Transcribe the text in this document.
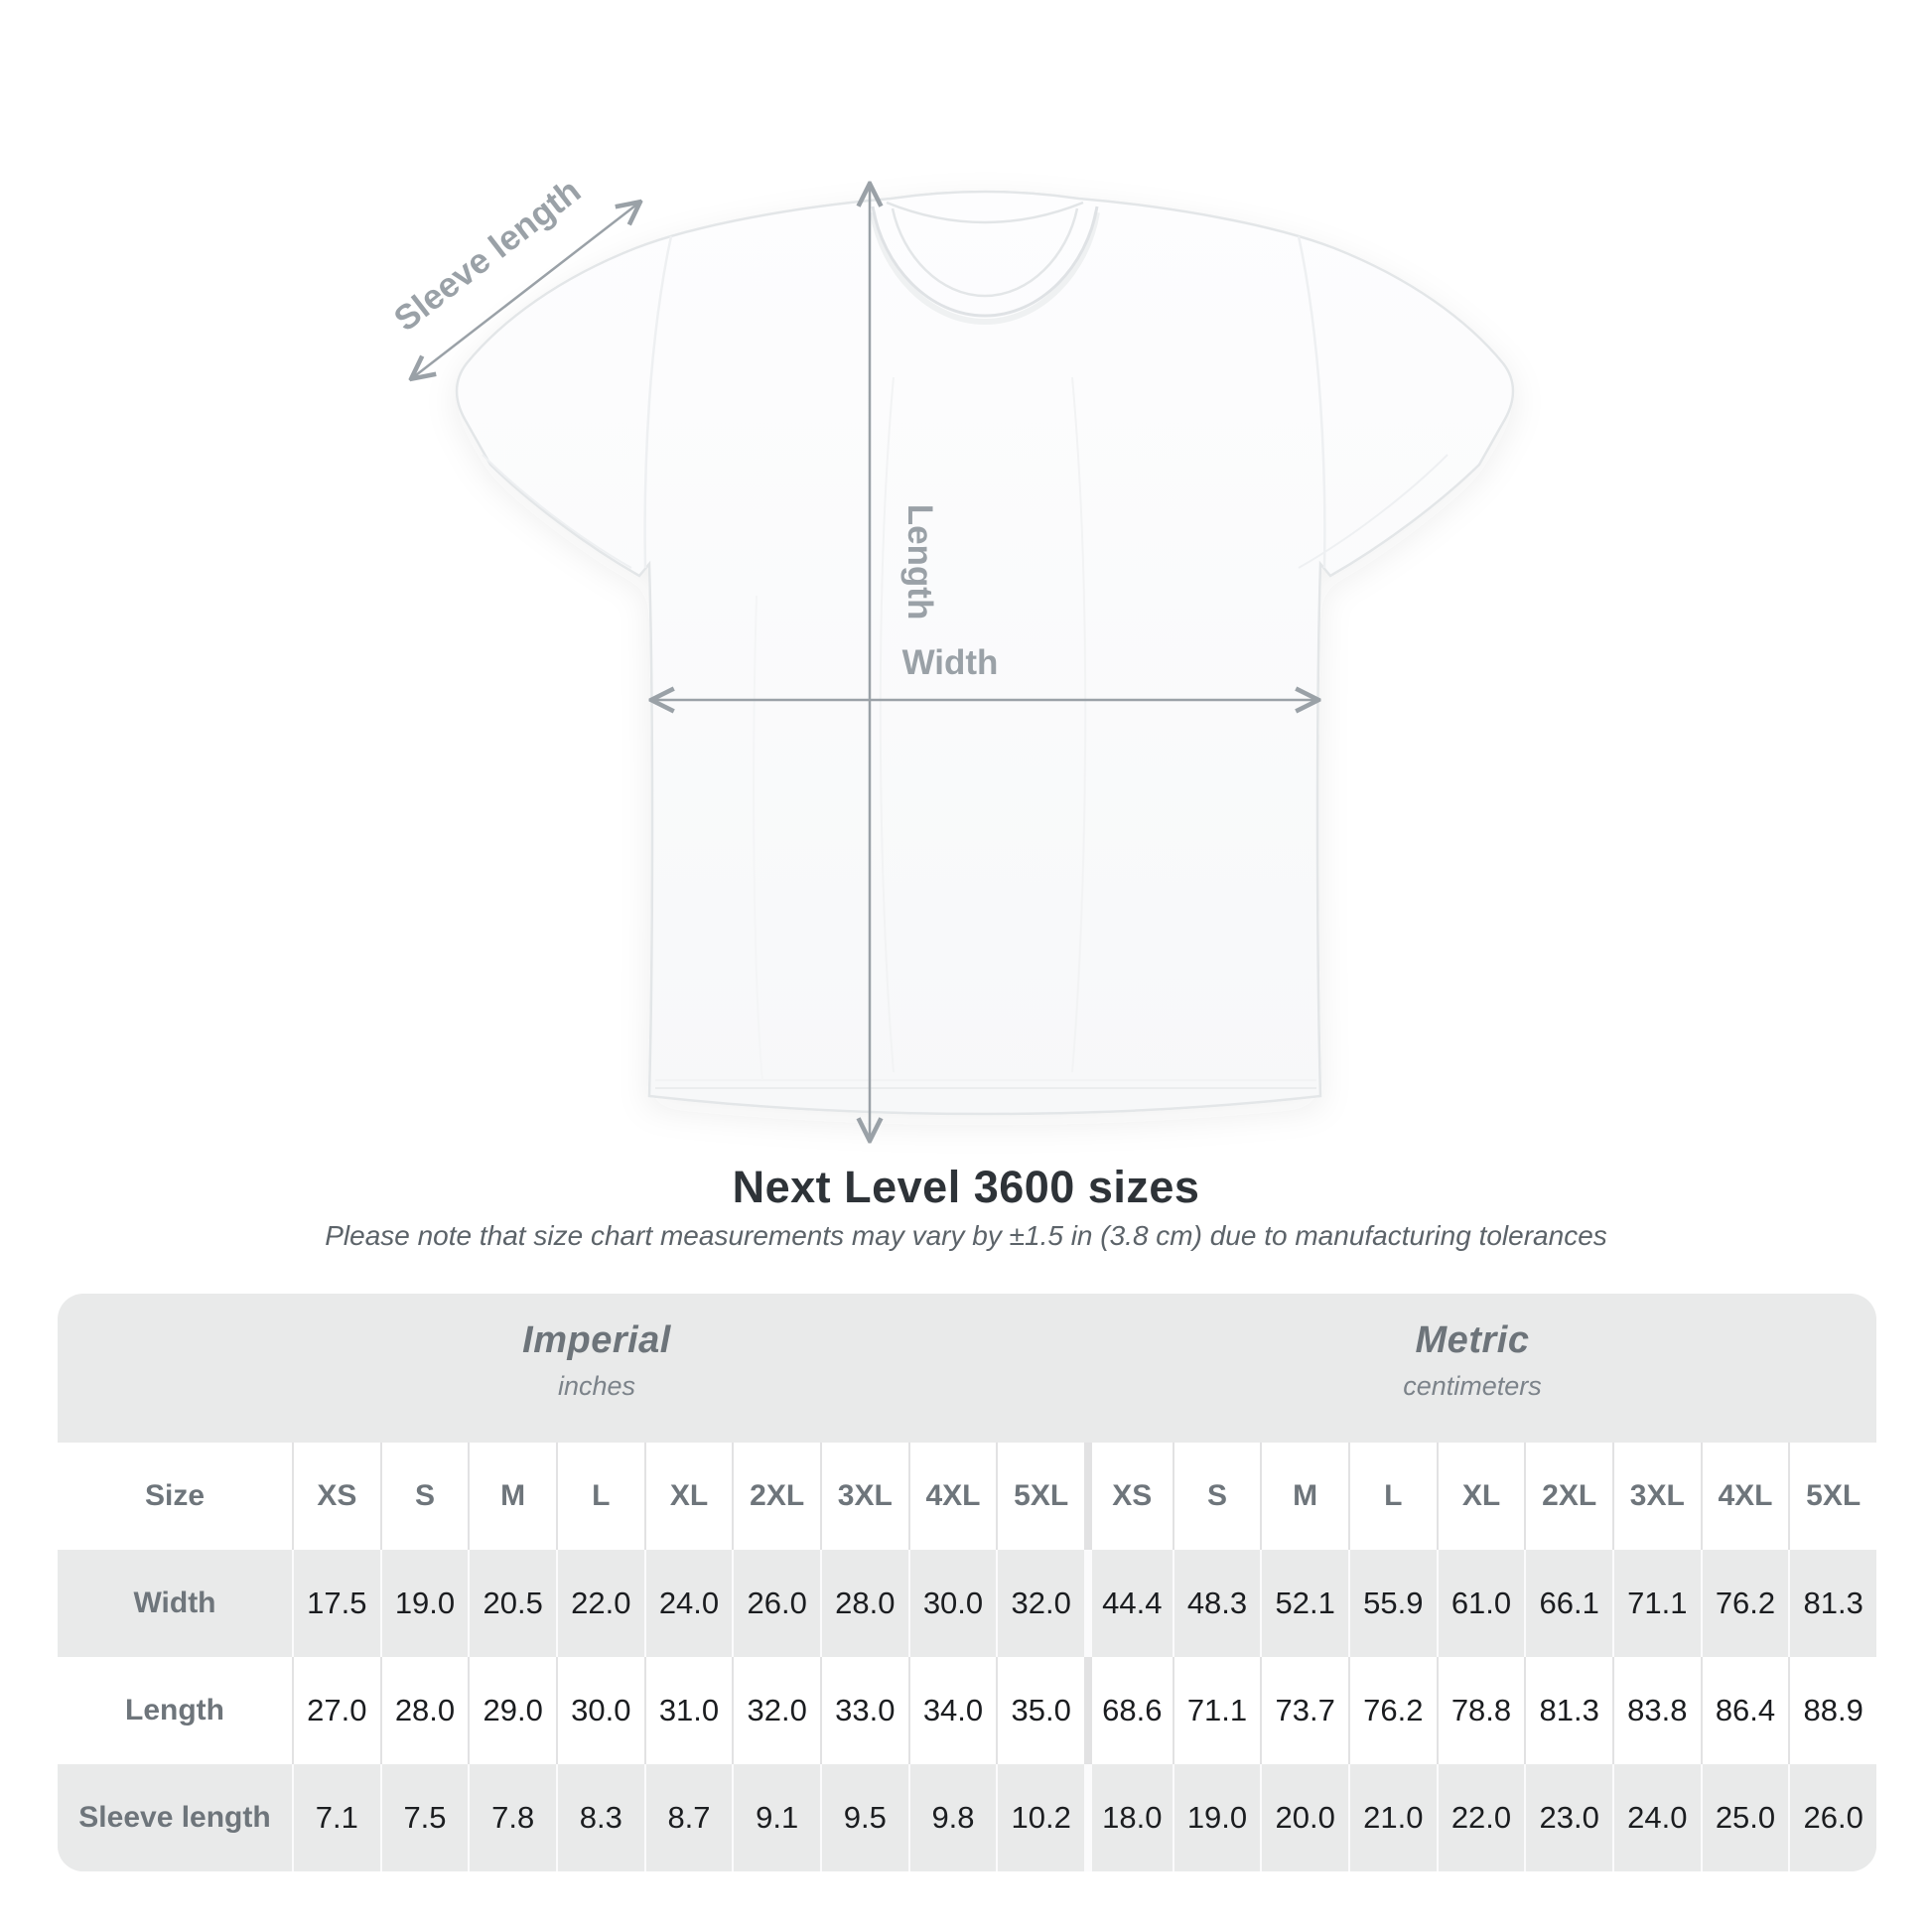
Sleeve length
Length
Width
Next Level 3600 sizes
Please note that size chart measurements may vary by ±1.5 in (3.8 cm) due to manufacturing tolerances
Imperial
inches
Metric
centimeters
Size	XS	S	M	L	XL	2XL	3XL	4XL	5XL	XS	S	M	L	XL	2XL	3XL	4XL	5XL
Width	17.5 19.0 20.5 22.0 24.0 26.0 28.0 30.0 32.0	44.4 48.3 52.1 55.9 61.0 66.1 71.1 76.2 81.3
Length	27.0 28.0 29.0 30.0 31.0 32.0 33.0 34.0 35.0	68.6 71.1 73.7 76.2 78.8 81.3 83.8 86.4 88.9
Sleeve length	7.1	7.5	7.8	8.3	8.7	9.1	9.5	9.8	10.2	18.0 19.0 20.0 21.0 22.0 23.0 24.0 25.0 26.0
